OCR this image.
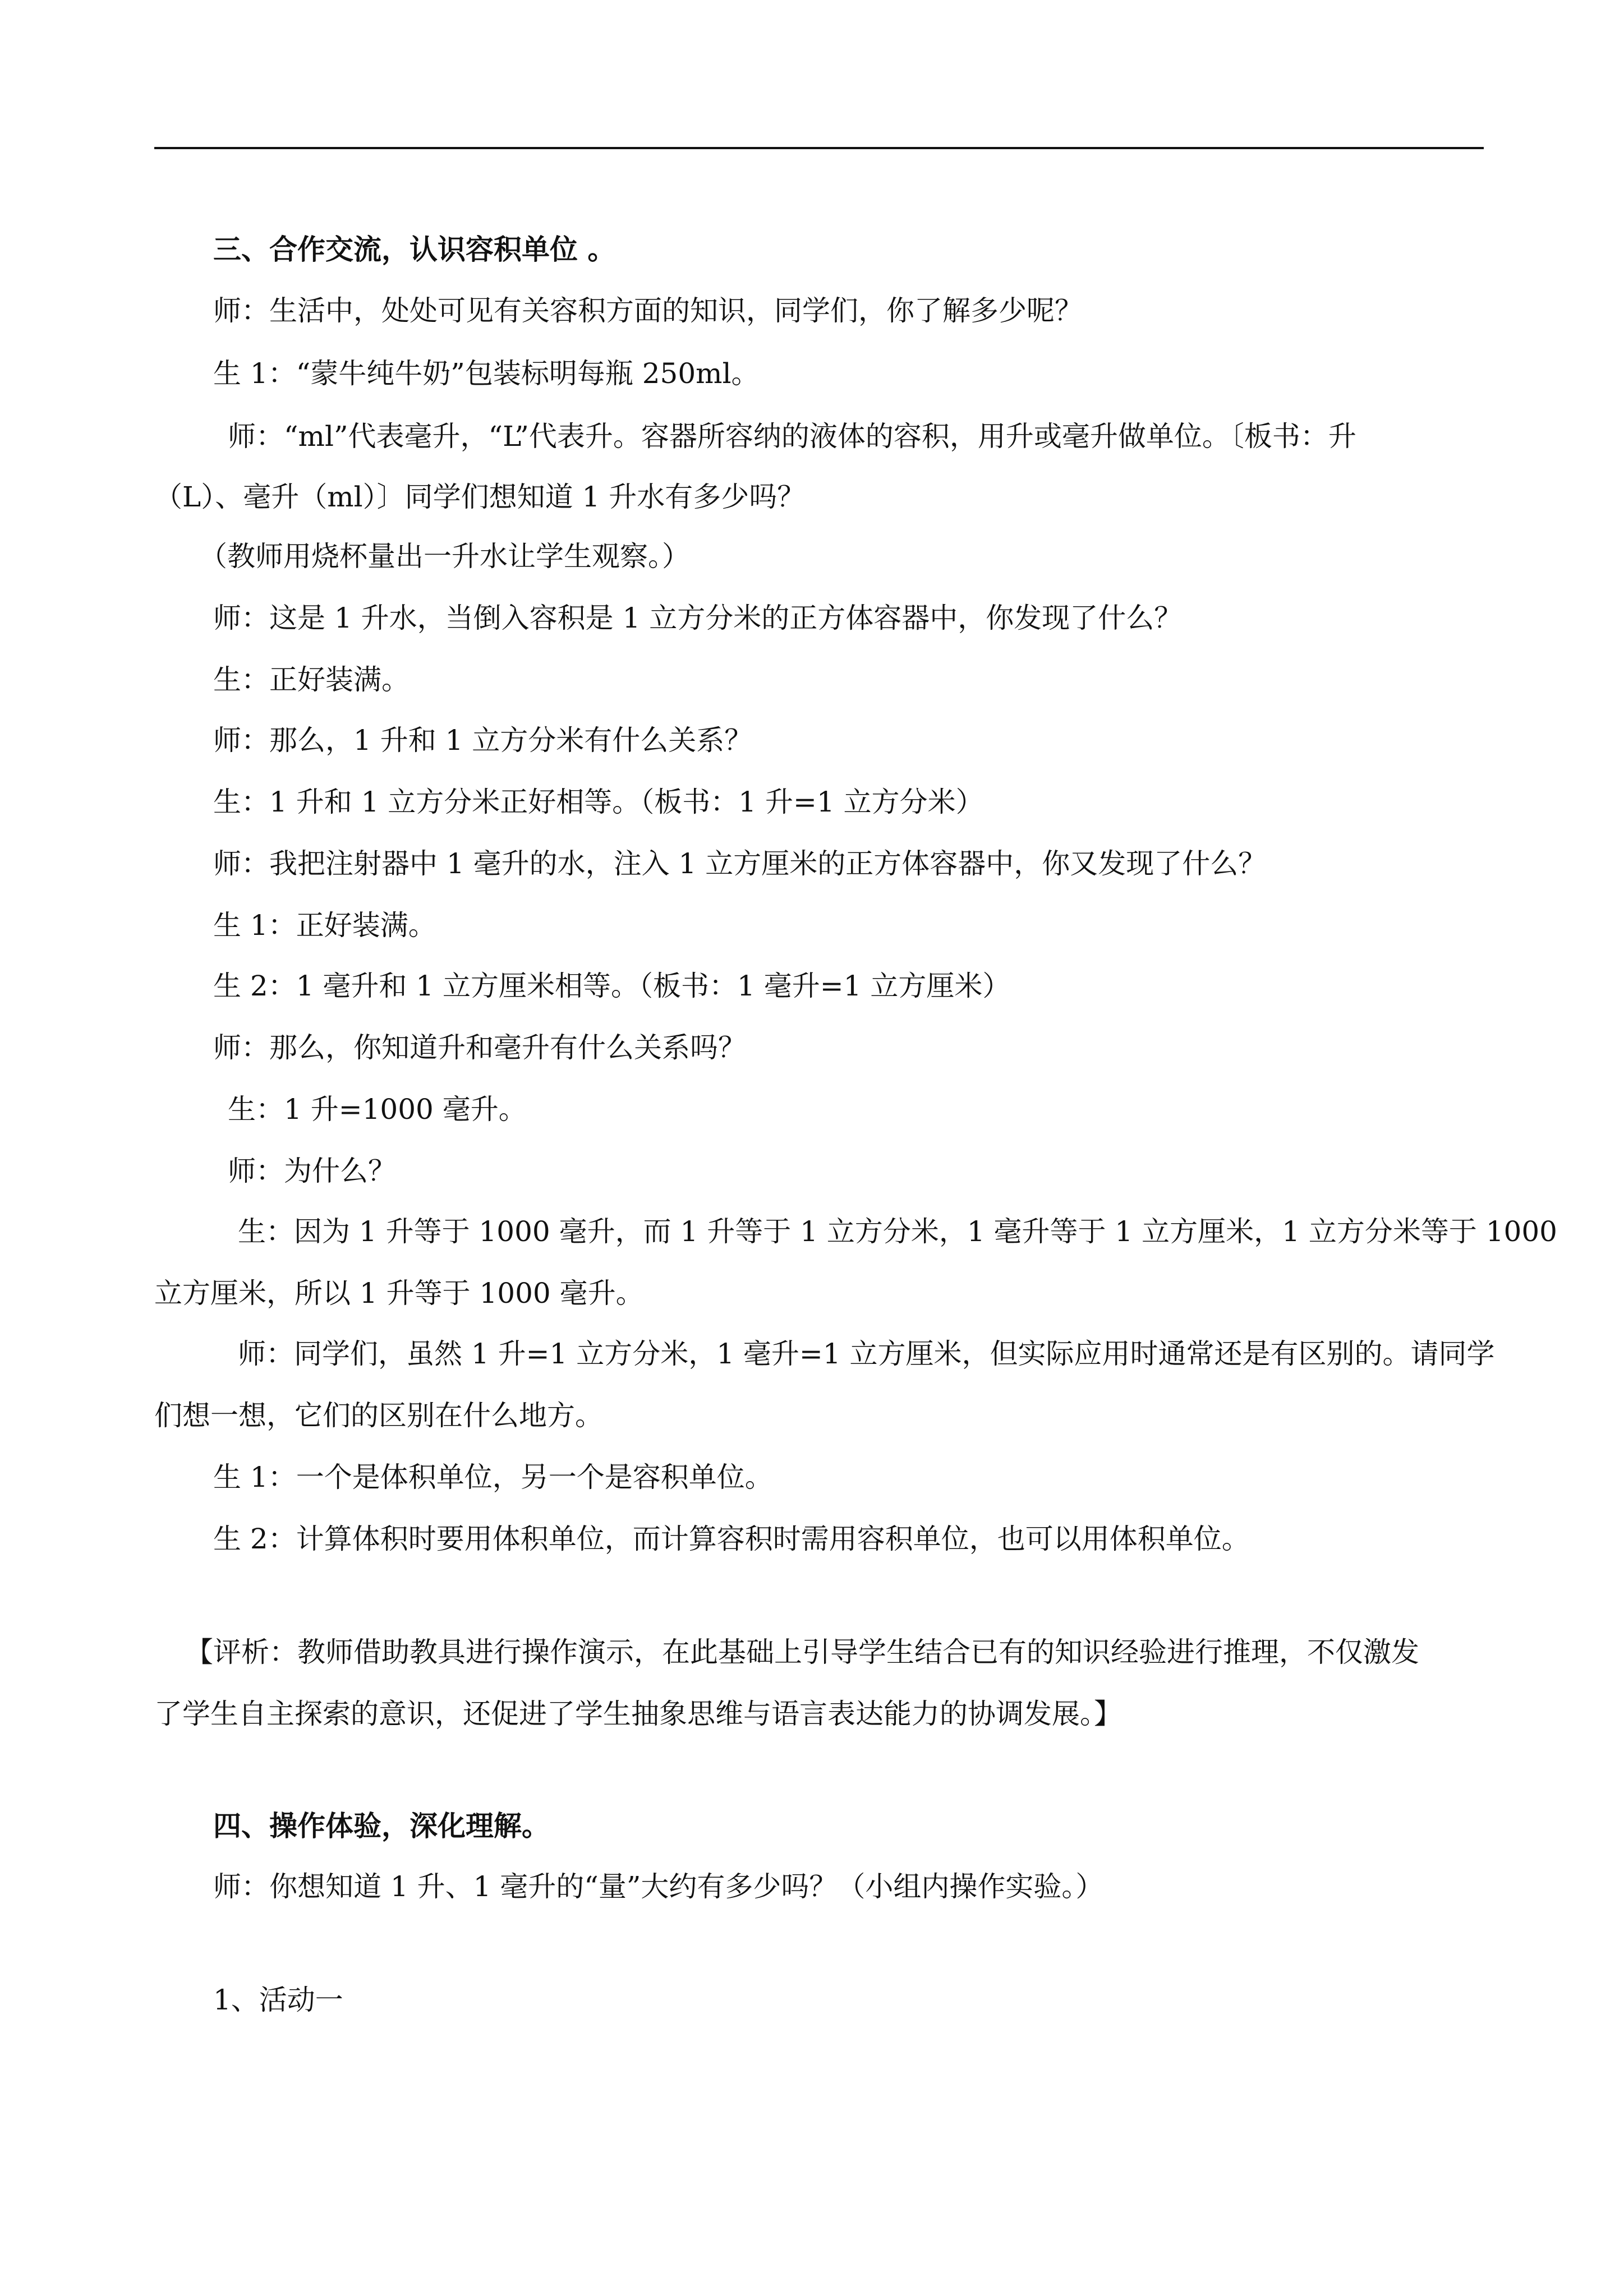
三、合作交流，认识容积单位 。
师：生活中，处处可见有关容积方面的知识，同学们，你了解多少呢？
生 1：“蒙牛纯牛奶”包装标明每瓶 250ml。
师：“ml”代表毫升，“L”代表升。容器所容纳的液体的容积，用升或毫升做单位。〔板书：升
（L）、毫升（ml）〕同学们想知道 1 升水有多少吗？
（教师用烧杯量出一升水让学生观察。）
师：这是 1 升水，当倒入容积是 1 立方分米的正方体容器中，你发现了什么？
生：正好装满。
师：那么，1 升和 1 立方分米有什么关系？
生：1 升和 1 立方分米正好相等。（板书：1 升=1 立方分米）
师：我把注射器中 1 毫升的水，注入 1 立方厘米的正方体容器中，你又发现了什么？
生 1：正好装满。
生 2：1 毫升和 1 立方厘米相等。（板书：1 毫升=1 立方厘米）
师：那么，你知道升和毫升有什么关系吗？
生：1 升=1000 毫升。
师：为什么？
生：因为 1 升等于 1000 毫升，而 1 升等于 1 立方分米，1 毫升等于 1 立方厘米，1 立方分米等于 1000
立方厘米，所以 1 升等于 1000 毫升。
师：同学们，虽然 1 升=1 立方分米，1 毫升=1 立方厘米，但实际应用时通常还是有区别的。请同学
们想一想，它们的区别在什么地方。
生 1：一个是体积单位，另一个是容积单位。
生 2：计算体积时要用体积单位，而计算容积时需用容积单位，也可以用体积单位。
【评析：教师借助教具进行操作演示，在此基础上引导学生结合已有的知识经验进行推理，不仅激发
了学生自主探索的意识，还促进了学生抽象思维与语言表达能力的协调发展。】
四、操作体验，深化理解。
师：你想知道 1 升、1 毫升的“量”大约有多少吗？（小组内操作实验。）
1、活动一
